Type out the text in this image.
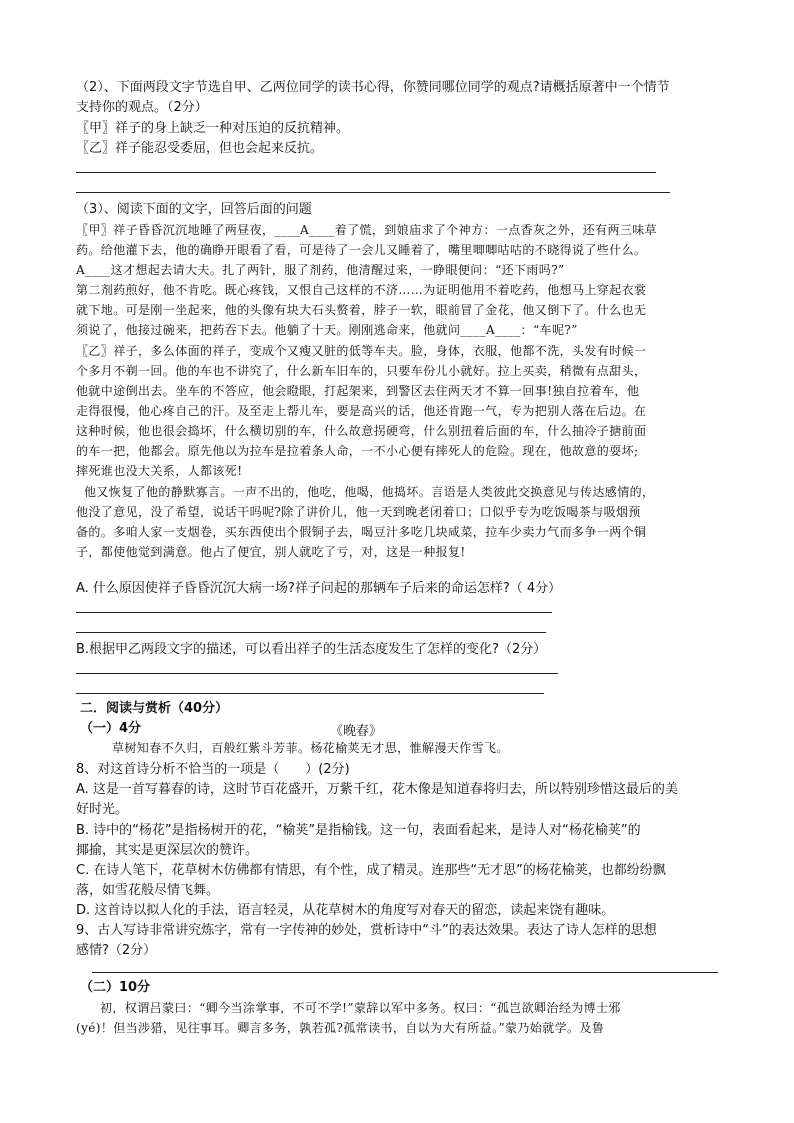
（2）、下面两段文字节选自甲、乙两位同学的读书心得，你赞同哪位同学的观点?请概括原著中一个情节
支持你的观点。（2分）
〖甲〗祥子的身上缺乏一种对压迫的反抗精神。
〖乙〗祥子能忍受委屈，但也会起来反抗。
（3）、阅读下面的文字，回答后面的问题
〖甲〗祥子昏昏沉沉地睡了两昼夜，____A____着了慌，到娘庙求了个神方：一点香灰之外，还有两三味草
药。给他灌下去，他的确睁开眼看了看，可是待了一会儿又睡着了，嘴里唧唧咕咕的不晓得说了些什么。
A____这才想起去请大夫。扎了两针，服了剂药，他清醒过来，一睁眼便问：“还下雨吗?”
第二剂药煎好，他不肯吃。既心疼钱，又恨自己这样的不济……为证明他用不着吃药，他想马上穿起衣裳
就下地。可是刚一坐起来，他的头像有块大石头赘着，脖子一软，眼前冒了金花，他又倒下了。什么也无
须说了，他接过碗来，把药吞下去。他躺了十天。刚刚逃命来，他就问____A____：“车呢?”
〖乙〗祥子，多么体面的祥子，变成个又瘦又脏的低等车夫。脸，身体，衣服，他都不洗，头发有时候一
个多月不剃一回。他的车也不讲究了，什么新车旧车的，只要车份儿小就好。拉上买卖，稍微有点甜头，
他就中途倒出去。坐车的不答应，他会瞪眼，打起架来，到警区去住两天才不算一回事!独自拉着车，他
走得很慢，他心疼自己的汗。及至走上帮儿车，要是高兴的话，他还肯跑一气，专为把别人落在后边。在
这种时候，他也很会捣坏，什么横切别的车，什么故意拐硬弯，什么别扭着后面的车，什么抽冷子搪前面
的车一把，他都会。原先他以为拉车是拉着条人命，一不小心便有摔死人的危险。现在，他故意的耍坏;
摔死谁也没大关系，人都该死!
他又恢复了他的静默寡言。一声不出的，他吃，他喝，他捣坏。言语是人类彼此交换意见与传达感情的，
他没了意见，没了希望，说话干吗呢?除了讲价儿，他一天到晚老闭着口；口似乎专为吃饭喝茶与吸烟预
备的。多咱人家一支烟卷，买东西使出个假铜子去，喝豆汁多吃几块咸菜，拉车少卖力气而多争一两个铜
子，都使他觉到满意。他占了便宜，别人就吃了亏，对，这是一种报复!
A. 什么原因使祥子昏昏沉沉大病一场?祥子问起的那辆车子后来的命运怎样?（ 4分）
B.根据甲乙两段文字的描述，可以看出祥子的生活态度发生了怎样的变化?（2分）
二．阅读与赏析（40分）
（一）4分	《晚春》
草树知春不久归，百般红紫斗芳菲。杨花榆荚无才思，惟解漫天作雪飞。
8、对这首诗分析不恰当的一项是（　　）(2分)
A. 这是一首写暮春的诗，这时节百花盛开，万紫千红，花木像是知道春将归去，所以特别珍惜这最后的美
好时光。
B. 诗中的“杨花”是指杨树开的花，“榆荚”是指榆钱。这一句，表面看起来，是诗人对“杨花榆荚”的
揶揄，其实是更深层次的赞许。
C. 在诗人笔下，花草树木仿佛都有情思，有个性，成了精灵。连那些“无才思”的杨花榆荚，也都纷纷飘
落，如雪花般尽情飞舞。
D. 这首诗以拟人化的手法，语言轻灵，从花草树木的角度写对春天的留恋，读起来饶有趣味。
9、古人写诗非常讲究炼字，常有一字传神的妙处，赏析诗中“斗”的表达效果。表达了诗人怎样的思想
感情?（2分）
（二）10分
初，权谓吕蒙曰：“卿今当涂掌事，不可不学!”蒙辞以军中多务。权曰：“孤岂欲卿治经为博士邪
(yé)！但当涉猎，见往事耳。卿言多务，孰若孤?孤常读书，自以为大有所益。”蒙乃始就学。及鲁
